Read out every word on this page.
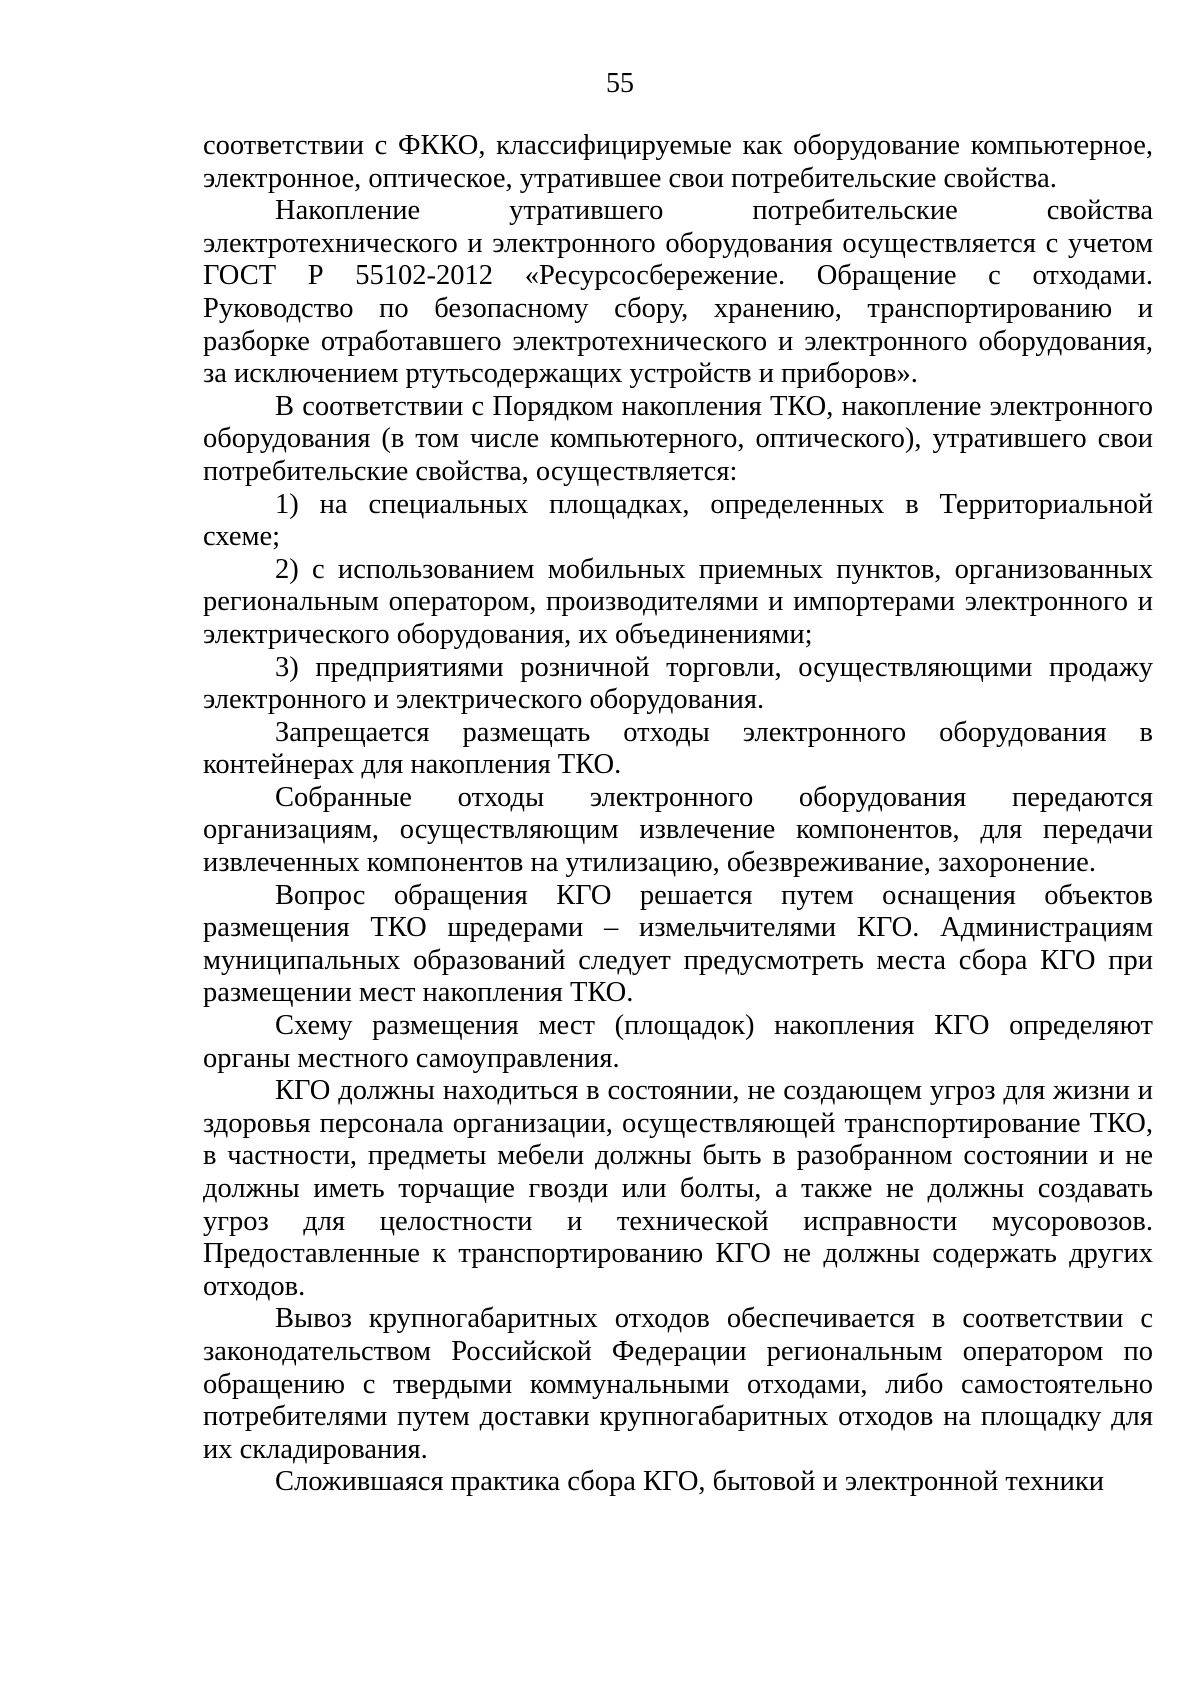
55

соответствии с ФККО, классифицируемые как оборудование компьютерное, электронное, оптическое, утратившее свои потребительские свойства.

Накопление утратившего потребительские свойства электротехнического и электронного оборудования осуществляется с учетом ГОСТ Р 55102-2012 «Ресурсосбережение. Обращение с отходами. Руководство по безопасному сбору, хранению, транспортированию и разборке отработавшего электротехнического и электронного оборудования, за исключением ртутьсодержащих устройств и приборов».

В соответствии с Порядком накопления ТКО, накопление электронного оборудования (в том числе компьютерного, оптического), утратившего свои потребительские свойства, осуществляется:

1) на специальных площадках, определенных в Территориальной схеме;

2) с использованием мобильных приемных пунктов, организованных региональным оператором, производителями и импортерами электронного и электрического оборудования, их объединениями;

3) предприятиями розничной торговли, осуществляющими продажу электронного и электрического оборудования.

Запрещается размещать отходы электронного оборудования в контейнерах для накопления ТКО.

Собранные отходы электронного оборудования передаются организациям, осуществляющим извлечение компонентов, для передачи извлеченных компонентов на утилизацию, обезвреживание, захоронение.

Вопрос обращения КГО решается путем оснащения объектов размещения ТКО шредерами – измельчителями КГО. Администрациям муниципальных образований следует предусмотреть места сбора КГО при размещении мест накопления ТКО.

Схему размещения мест (площадок) накопления КГО определяют органы местного самоуправления.

КГО должны находиться в состоянии, не создающем угроз для жизни и здоровья персонала организации, осуществляющей транспортирование ТКО, в частности, предметы мебели должны быть в разобранном состоянии и не должны иметь торчащие гвозди или болты, а также не должны создавать угроз для целостности и технической исправности мусоровозов. Предоставленные к транспортированию КГО не должны содержать других отходов.

Вывоз крупногабаритных отходов обеспечивается в соответствии с законодательством Российской Федерации региональным оператором по обращению с твердыми коммунальными отходами, либо самостоятельно потребителями путем доставки крупногабаритных отходов на площадку для их складирования.

Сложившаяся практика сбора КГО, бытовой и электронной техники
